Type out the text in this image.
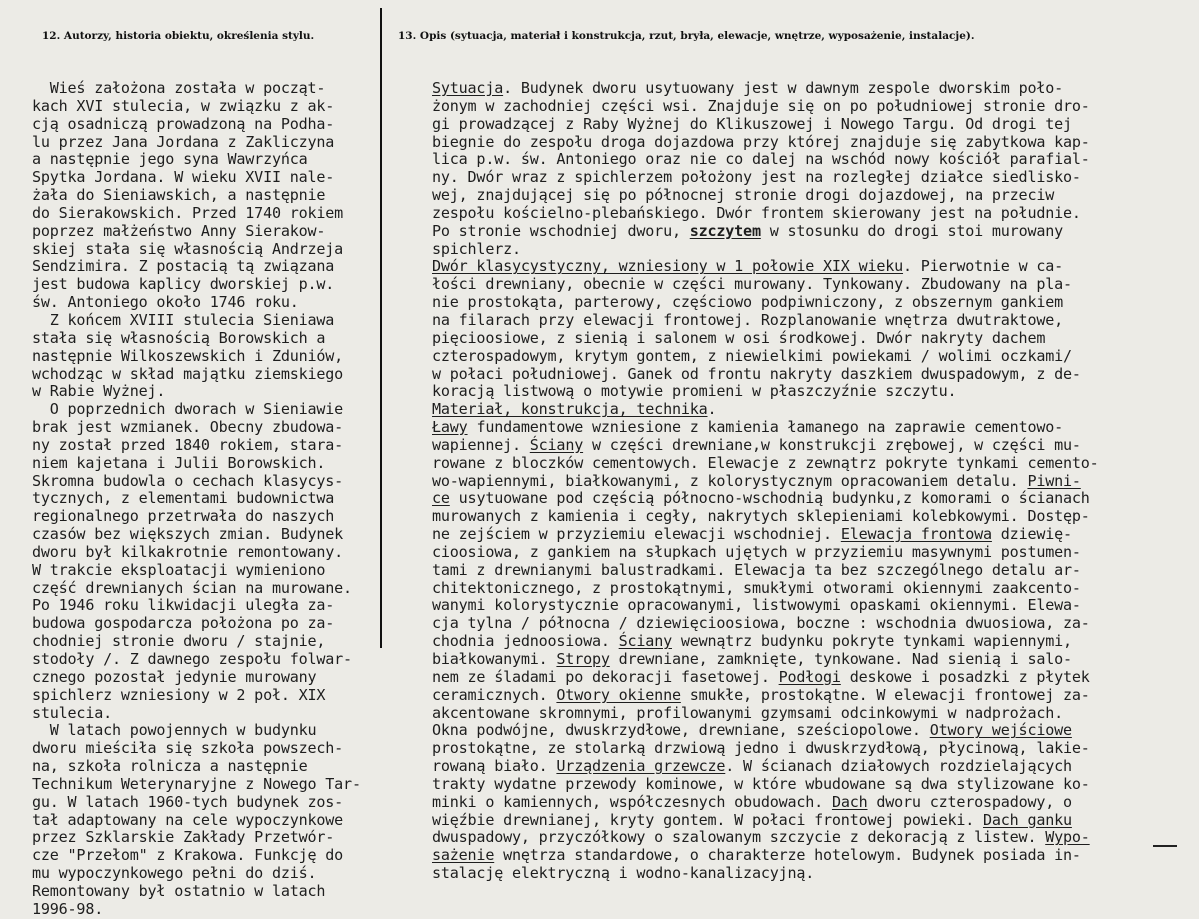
12. Autorzy, historia obiektu, określenia stylu.	13. Opis (sytuacja, materiał i konstrukcja, rzut, bryła, elewacje, wnętrze, wyposażenie, instalacje).
Wieś założona została w począt-
kach XVI stulecia, w związku z ak-
cją osadniczą prowadzoną na Podha-
lu przez Jana Jordana z Zakliczyna
a następnie jego syna Wawrzyńca
Spytka Jordana. W wieku XVII nale-
żała do Sieniawskich, a następnie
do Sierakowskich. Przed 1740 rokiem
poprzez małżeństwo Anny Sierakow-
skiej stała się własnością Andrzeja
Sendzimira. Z postacią tą związana
jest budowa kaplicy dworskiej p.w.
św. Antoniego około 1746 roku.
Z końcem XVIII stulecia Sieniawa
stała się własnością Borowskich a
następnie Wilkoszewskich i Zduniów,
wchodząc w skład majątku ziemskiego
w Rabie Wyżnej.
O poprzednich dworach w Sieniawie
brak jest wzmianek. Obecny zbudowa-
ny został przed 1840 rokiem, stara-
niem kajetana i Julii Borowskich.
Skromna budowla o cechach klasycys-
tycznych, z elementami budownictwa
regionalnego przetrwała do naszych
czasów bez większych zmian. Budynek
dworu był kilkakrotnie remontowany.
W trakcie eksploatacji wymieniono
część drewnianych ścian na murowane.
Po 1946 roku likwidacji uległa za-
budowa gospodarcza położona po za-
chodniej stronie dworu / stajnie,
stodoły /. Z dawnego zespołu folwar-
cznego pozostał jedynie murowany
spichlerz wzniesiony w 2 poł. XIX
stulecia.
W latach powojennych w budynku
dworu mieściła się szkoła powszech-
na, szkoła rolnicza a następnie
Technikum Weterynaryjne z Nowego Tar-
gu. W latach 1960-tych budynek zos-
tał adaptowany na cele wypoczynkowe
przez Szklarskie Zakłady Przetwór-
cze "Przełom" z Krakowa. Funkcję do
mu wypoczynkowego pełni do dziś.
Remontowany był ostatnio w latach
1996-98.
Sytuacja. Budynek dworu usytuowany jest w dawnym zespole dworskim poło-
żonym w zachodniej części wsi. Znajduje się on po południowej stronie dro-
gi prowadzącej z Raby Wyżnej do Klikuszowej i Nowego Targu. Od drogi tej
biegnie do zespołu droga dojazdowa przy której znajduje się zabytkowa kap-
lica p.w. św. Antoniego oraz nie co dalej na wschód nowy kościół parafial-
ny. Dwór wraz z spichlerzem położony jest na rozległej działce siedlisko-
wej, znajdującej się po północnej stronie drogi dojazdowej, na przeciw
zespołu kościelno-plebańskiego. Dwór frontem skierowany jest na południe.
Po stronie wschodniej dworu, szczytem w stosunku do drogi stoi murowany
spichlerz.
Dwór klasycystyczny, wzniesiony w 1 połowie XIX wieku. Pierwotnie w ca-
łości drewniany, obecnie w części murowany. Tynkowany. Zbudowany na pla-
nie prostokąta, parterowy, częściowo podpiwniczony, z obszernym gankiem
na filarach przy elewacji frontowej. Rozplanowanie wnętrza dwutraktowe,
pięcioosiowe, z sienią i salonem w osi środkowej. Dwór nakryty dachem
czterospadowym, krytym gontem, z niewielkimi powiekami / wolimi oczkami/
w połaci południowej. Ganek od frontu nakryty daszkiem dwuspadowym, z de-
koracją listwową o motywie promieni w płaszczyźnie szczytu.
Materiał, konstrukcja, technika.
Ławy fundamentowe wzniesione z kamienia łamanego na zaprawie cementowo-
wapiennej. Ściany w części drewniane,w konstrukcji zrębowej, w części mu-
rowane z bloczków cementowych. Elewacje z zewnątrz pokryte tynkami cemento-
wo-wapiennymi, białkowanymi, z kolorystycznym opracowaniem detalu. Piwni-
ce usytuowane pod częścią północno-wschodnią budynku,z komorami o ścianach
murowanych z kamienia i cegły, nakrytych sklepieniami kolebkowymi. Dostęp-
ne zejściem w przyziemiu elewacji wschodniej. Elewacja frontowa dziewię-
cioosiowa, z gankiem na słupkach ujętych w przyziemiu masywnymi postumen-
tami z drewnianymi balustradkami. Elewacja ta bez szczególnego detalu ar-
chitektonicznego, z prostokątnymi, smukłymi otworami okiennymi zaakcento-
wanymi kolorystycznie opracowanymi, listwowymi opaskami okiennymi. Elewa-
cja tylna / północna / dziewięcioosiowa, boczne : wschodnia dwuosiowa, za-
chodnia jednoosiowa. Ściany wewnątrz budynku pokryte tynkami wapiennymi,
białkowanymi. Stropy drewniane, zamknięte, tynkowane. Nad sienią i salo-
nem ze śladami po dekoracji fasetowej. Podłogi deskowe i posadzki z płytek
ceramicznych. Otwory okienne smukłe, prostokątne. W elewacji frontowej za-
akcentowane skromnymi, profilowanymi gzymsami odcinkowymi w nadprożach.
Okna podwójne, dwuskrzydłowe, drewniane, sześciopolowe. Otwory wejściowe
prostokątne, ze stolarką drzwiową jedno i dwuskrzydłową, płycinową, lakie-
rowaną biało. Urządzenia grzewcze. W ścianach działowych rozdzielających
trakty wydatne przewody kominowe, w które wbudowane są dwa stylizowane ko-
minki o kamiennych, współczesnych obudowach. Dach dworu czterospadowy, o
więźbie drewnianej, kryty gontem. W połaci frontowej powieki. Dach ganku
dwuspadowy, przyczółkowy o szalowanym szczycie z dekoracją z listew. Wypo-
sażenie wnętrza standardowe, o charakterze hotelowym. Budynek posiada in-
stalację elektryczną i wodno-kanalizacyjną.
